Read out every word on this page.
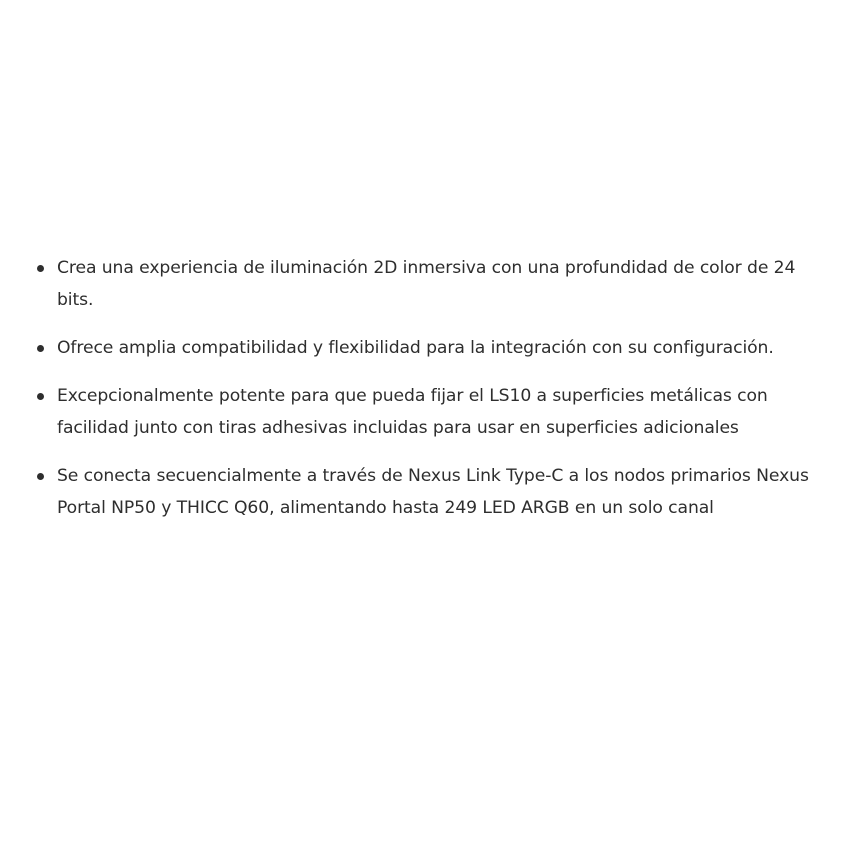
Crea una experiencia de iluminación 2D inmersiva con una profundidad de color de 24 bits.
Ofrece amplia compatibilidad y flexibilidad para la integración con su configuración.
Excepcionalmente potente para que pueda fijar el LS10 a superficies metálicas con facilidad junto con tiras adhesivas incluidas para usar en superficies adicionales
Se conecta secuencialmente a través de Nexus Link Type-C a los nodos primarios Nexus Portal NP50 y THICC Q60, alimentando hasta 249 LED ARGB en un solo canal
